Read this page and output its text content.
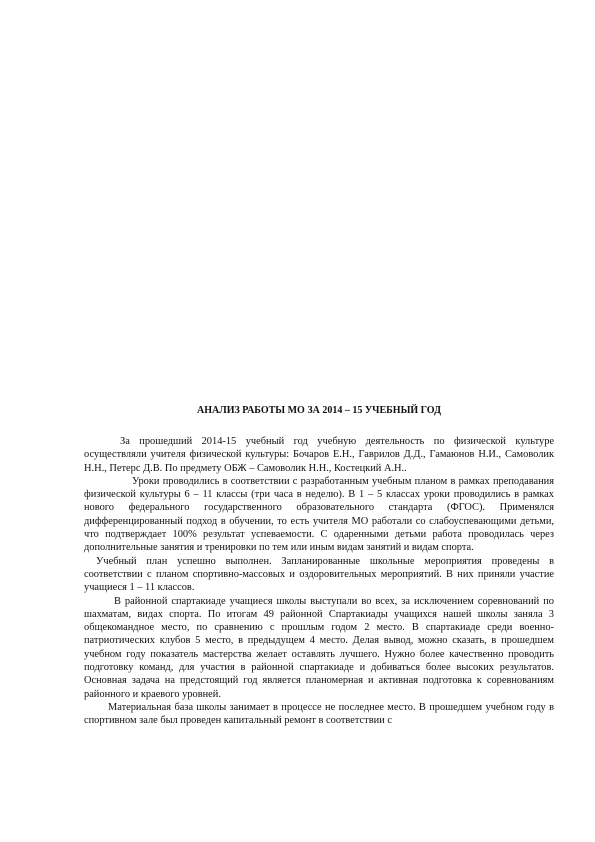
АНАЛИЗ РАБОТЫ МО ЗА 2014 – 15 УЧЕБНЫЙ ГОД

За прошедший 2014-15 учебный год учебную деятельность по физической культуре осуществляли учителя физической культуры: Бочаров Е.Н., Гаврилов Д.Д., Гамаюнов Н.И., Самоволик Н.Н., Петерс Д.В. По предмету ОБЖ – Самоволик Н.Н., Костецкий А.Н..

Уроки проводились в соответствии с разработанным учебным планом в рамках преподавания физической культуры 6 – 11 классы (три часа в неделю). В 1 – 5 классах уроки проводились в рамках нового федерального государственного образовательного стандарта (ФГОС). Применялся дифференцированный подход в обучении, то есть учителя МО работали со слабоуспевающими детьми, что подтверждает 100% результат успеваемости. С одаренными детьми работа проводилась через дополнительные занятия и тренировки по тем или иным видам занятий и видам спорта.

Учебный план успешно выполнен. Запланированные школьные мероприятия проведены в соответствии с планом спортивно-массовых и оздоровительных мероприятий. В них приняли участие учащиеся 1 – 11 классов.

В районной спартакиаде учащиеся школы выступали во всех, за исключением соревнований по шахматам, видах спорта. По итогам 49 районной Спартакиады учащихся нашей школы заняла 3 общекомандное место, по сравнению с прошлым годом 2 место. В спартакиаде среди военно-патриотических клубов 5 место, в предыдущем 4 место. Делая вывод, можно сказать, в прошедшем учебном году показатель мастерства желает оставлять лучшего. Нужно более качественно проводить подготовку команд, для участия в районной спартакиаде и добиваться более высоких результатов. Основная задача на предстоящий год является планомерная и активная подготовка к соревнованиям районного и краевого уровней.

Материальная база школы занимает в процессе не последнее место. В прошедшем учебном году в спортивном зале был проведен капитальный ремонт в соответствии с
